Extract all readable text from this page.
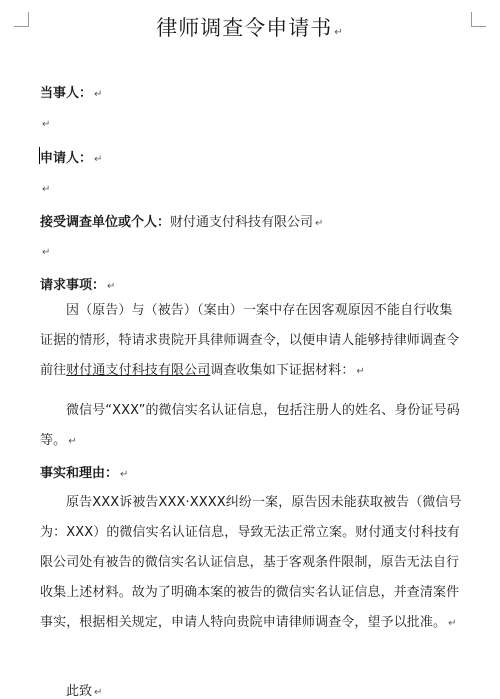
律师调查令申请书 ↵
当事人： ↵
↵
申请人： ↵
↵
接受调查单位或个人：财付通支付科技有限公司 ↵
↵
请求事项： ↵
因（原告）与（被告）（案由）一案中存在因客观原因不能自行收集证据的情形，特请求贵院开具律师调查令，以便申请人能够持律师调查令前往财付通支付科技有限公司调查收集如下证据材料： ↵
微信号“XXX”的微信实名认证信息，包括注册人的姓名、身份证号码等。 ↵
事实和理由： ↵
原告XXX诉被告XXX·XXXX纠纷一案，原告因未能获取被告（微信号为：XXX）的微信实名认证信息，导致无法正常立案。财付通支付科技有限公司处有被告的微信实名认证信息，基于客观条件限制，原告无法自行收集上述材料。故为了明确本案的被告的微信实名认证信息，并查清案件事实，根据相关规定，申请人特向贵院申请律师调查令，望予以批准。 ↵
此致 ↵
